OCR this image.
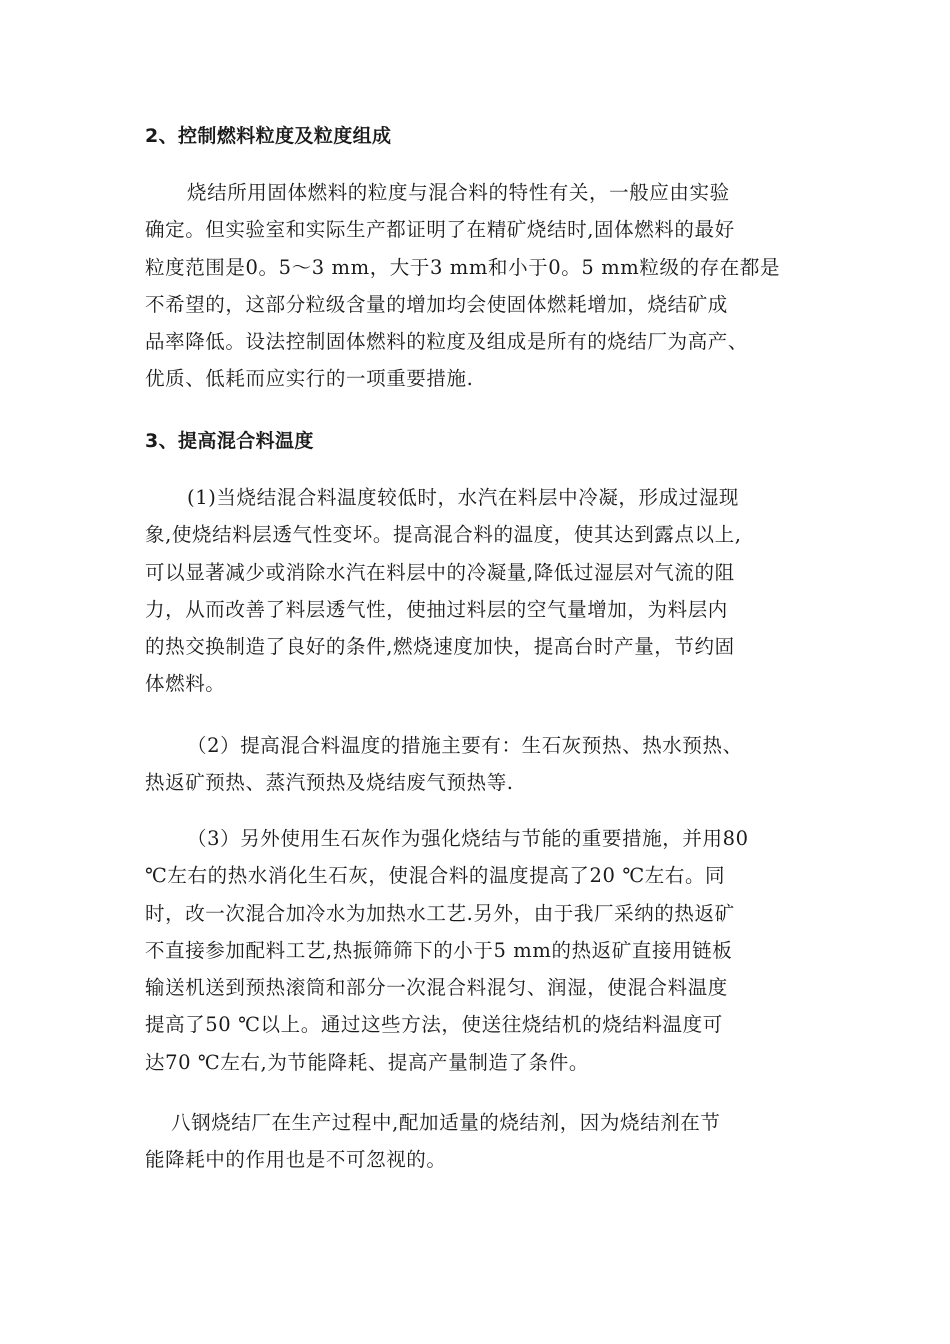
2、控制燃料粒度及粒度组成
烧结所用固体燃料的粒度与混合料的特性有关，一般应由实验
确定。但实验室和实际生产都证明了在精矿烧结时,固体燃料的最好
粒度范围是0。5～3 mm，大于3 mm和小于0。5 mm粒级的存在都是
不希望的，这部分粒级含量的增加均会使固体燃耗增加，烧结矿成
品率降低。设法控制固体燃料的粒度及组成是所有的烧结厂为高产、
优质、低耗而应实行的一项重要措施.
3、提高混合料温度
(1)当烧结混合料温度较低时，水汽在料层中冷凝，形成过湿现
象,使烧结料层透气性变坏。提高混合料的温度，使其达到露点以上,
可以显著减少或消除水汽在料层中的冷凝量,降低过湿层对气流的阻
力，从而改善了料层透气性，使抽过料层的空气量增加，为料层内
的热交换制造了良好的条件,燃烧速度加快，提高台时产量，节约固
体燃料。
（2）提高混合料温度的措施主要有：生石灰预热、热水预热、
热返矿预热、蒸汽预热及烧结废气预热等.
（3）另外使用生石灰作为强化烧结与节能的重要措施，并用80
℃左右的热水消化生石灰，使混合料的温度提高了20 ℃左右。同
时，改一次混合加冷水为加热水工艺.另外，由于我厂采纳的热返矿
不直接参加配料工艺,热振筛筛下的小于5 mm的热返矿直接用链板
输送机送到预热滚筒和部分一次混合料混匀、润湿，使混合料温度
提高了50 ℃以上。通过这些方法，使送往烧结机的烧结料温度可
达70 ℃左右,为节能降耗、提高产量制造了条件。
八钢烧结厂在生产过程中,配加适量的烧结剂，因为烧结剂在节
能降耗中的作用也是不可忽视的。
